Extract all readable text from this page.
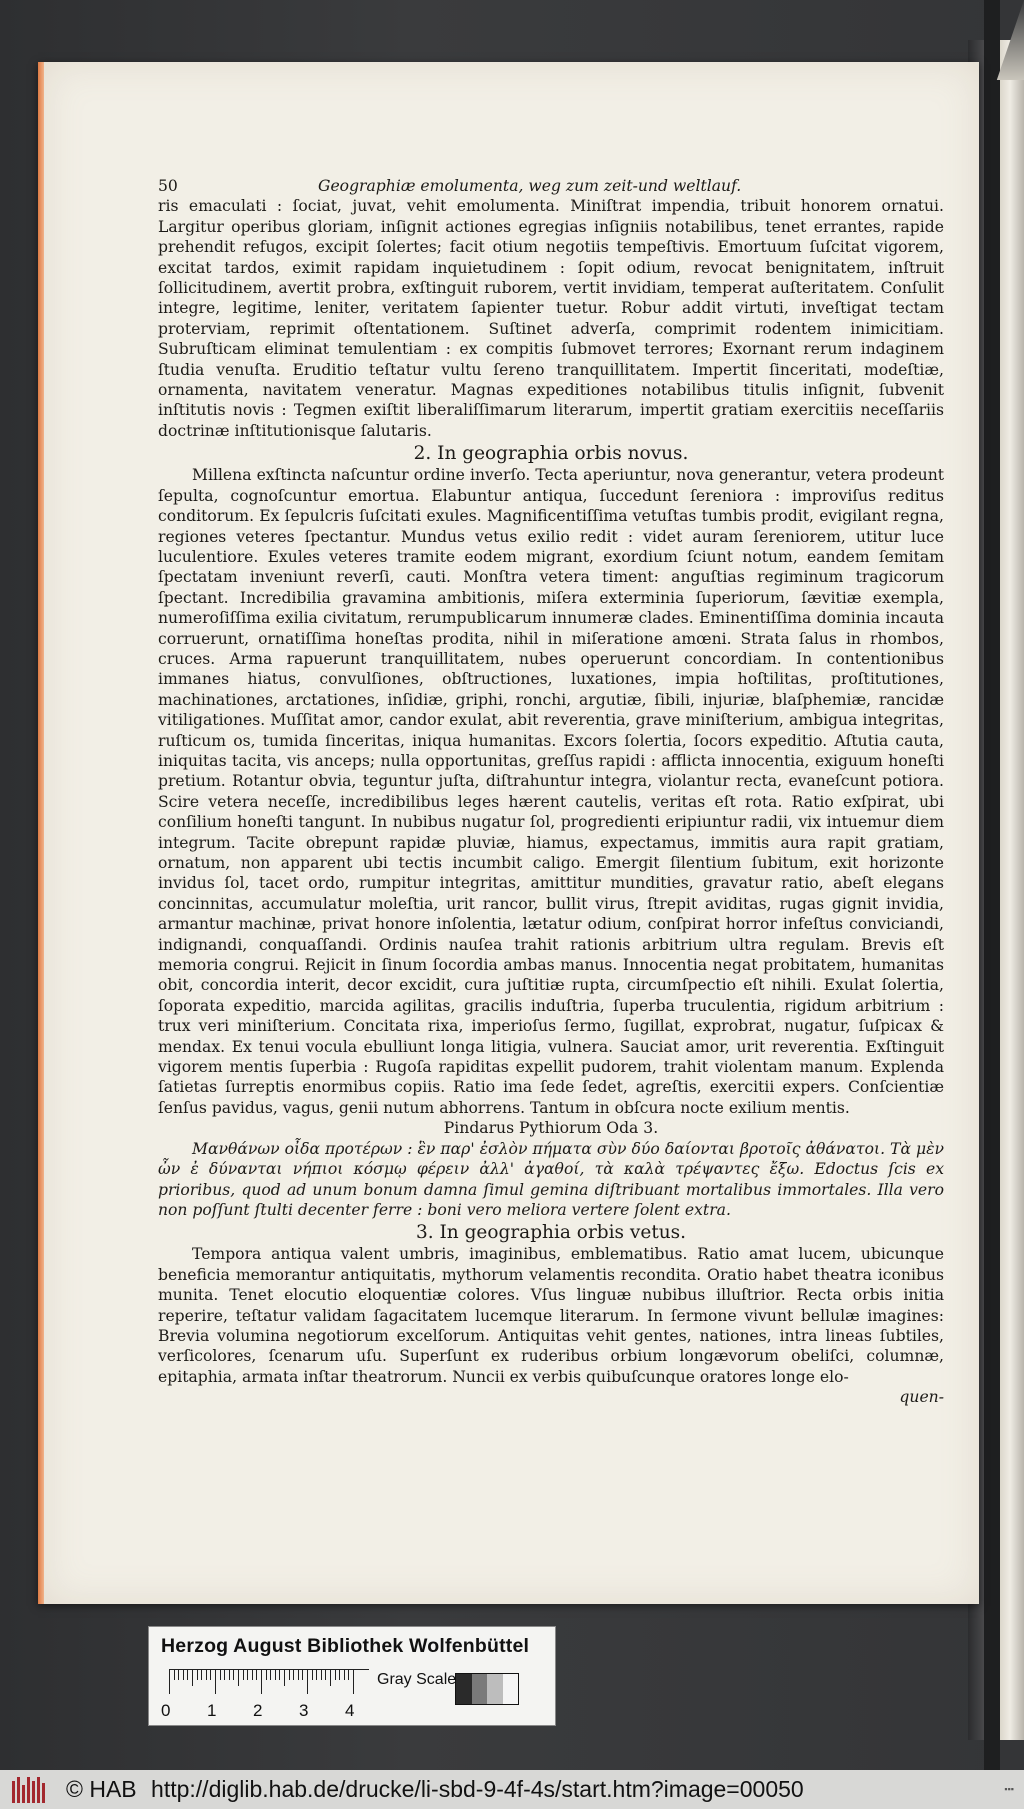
50	Geographiæ emolumenta, weg zum zeit-und weltlauf.

ris emaculati : ſociat, juvat, vehit emolumenta. Miniſtrat impendia, tribuit honorem ornatui. Largitur operibus gloriam, inſignit actiones egregias inſigniis notabilibus, tenet errantes, rapide prehendit refugos, excipit ſolertes; facit otium negotiis tempeſtivis. Emortuum ſuſcitat vigorem, excitat tardos, eximit rapidam inquietudinem : ſopit odium, revocat benignitatem, inſtruit ſollicitudinem, avertit probra, exſtinguit ruborem, vertit invidiam, temperat auſteritatem. Conſulit integre, legitime, leniter, veritatem ſapienter tuetur. Robur addit virtuti, inveſtigat tectam proterviam, reprimit oſtentationem. Suſtinet adverſa, comprimit rodentem inimicitiam. Subruſticam eliminat temulentiam : ex compitis ſubmovet terrores; Exornant rerum indaginem ſtudia venuſta. Eruditio teſtatur vultu ſereno tranquillitatem. Impertit ſinceritati, modeſtiæ, ornamenta, navitatem veneratur. Magnas expeditiones notabilibus titulis inſignit, ſubvenit inſtitutis novis : Tegmen exiſtit liberaliſſimarum literarum, impertit gratiam exercitiis neceſſariis doctrinæ inſtitutionisque ſalutaris.

2. In geographia orbis novus.

Millena exſtincta naſcuntur ordine inverſo. Tecta aperiuntur, nova generantur, vetera prodeunt ſepulta, cognoſcuntur emortua. Elabuntur antiqua, ſuccedunt ſereniora : improviſus reditus conditorum. Ex ſepulcris ſuſcitati exules. Magnificentiſſima vetuſtas tumbis prodit, evigilant regna, regiones veteres ſpectantur. Mundus vetus exilio redit : videt auram ſereniorem, utitur luce luculentiore. Exules veteres tramite eodem migrant, exordium ſciunt notum, eandem ſemitam ſpectatam inveniunt reverſi, cauti. Monſtra vetera timent: anguſtias regiminum tragicorum ſpectant. Incredibilia gravamina ambitionis, miſera exterminia ſuperiorum, ſævitiæ exempla, numeroſiſſima exilia civitatum, rerumpublicarum innumeræ clades. Eminentiſſima dominia incauta corruerunt, ornatiſſima honeſtas prodita, nihil in miſeratione amœni. Strata ſalus in rhombos, cruces. Arma rapuerunt tranquillitatem, nubes operuerunt concordiam. In contentionibus immanes hiatus, convulſiones, obſtructiones, luxationes, impia hoſtilitas, proſtitutiones, machinationes, arctationes, inſidiæ, griphi, ronchi, argutiæ, ſibili, injuriæ, blaſphemiæ, rancidæ vitiligationes. Muſſitat amor, candor exulat, abit reverentia, grave miniſterium, ambigua integritas, ruſticum os, tumida ſinceritas, iniqua humanitas. Excors ſolertia, ſocors expeditio. Aſtutia cauta, iniquitas tacita, vis anceps; nulla opportunitas, greſſus rapidi : afflicta innocentia, exiguum honeſti pretium. Rotantur obvia, teguntur juſta, diſtrahuntur integra, violantur recta, evaneſcunt potiora. Scire vetera neceſſe, incredibilibus leges hærent cautelis, veritas eſt rota. Ratio exſpirat, ubi conſilium honeſti tangunt. In nubibus nugatur ſol, progredienti eripiuntur radii, vix intuemur diem integrum. Tacite obrepunt rapidæ pluviæ, hiamus, expectamus, immitis aura rapit gratiam, ornatum, non apparent ubi tectis incumbit caligo. Emergit ſilentium ſubitum, exit horizonte invidus ſol, tacet ordo, rumpitur integritas, amittitur mundities, gravatur ratio, abeſt elegans concinnitas, accumulatur moleſtia, urit rancor, bullit virus, ſtrepit aviditas, rugas gignit invidia, armantur machinæ, privat honore inſolentia, lætatur odium, conſpirat horror infeſtus conviciandi, indignandi, conquaſſandi. Ordinis nauſea trahit rationis arbitrium ultra regulam. Brevis eſt memoria congrui. Rejicit in ſinum ſocordia ambas manus. Innocentia negat probitatem, humanitas obit, concordia interit, decor excidit, cura juſtitiæ rupta, circumſpectio eſt nihili. Exulat ſolertia, ſoporata expeditio, marcida agilitas, gracilis induſtria, ſuperba truculentia, rigidum arbitrium : trux veri miniſterium. Concitata rixa, imperioſus ſermo, ſugillat, exprobrat, nugatur, ſuſpicax & mendax. Ex tenui vocula ebulliunt longa litigia, vulnera. Sauciat amor, urit reverentia. Exſtinguit vigorem mentis ſuperbia : Rugoſa rapiditas expellit pudorem, trahit violentam manum. Explenda ſatietas ſurreptis enormibus copiis. Ratio ima ſede ſedet, agreſtis, exercitii expers. Conſcientiæ ſenſus pavidus, vagus, genii nutum abhorrens. Tantum in obſcura nocte exilium mentis.

Pindarus Pythiorum Oda 3.

Μανθάνων οἶδα προτέρων : ἓν παρ' ἐσλὸν πήματα σὺν δύο δαίονται βροτοῖς ἀθάνατοι. Τὰ μὲν ὦν ἐ δύνανται νήπιοι κόσμῳ φέρειν ἀλλ' ἀγαθοί, τὰ καλὰ τρέψαντες ἔξω. Edoctus ſcis ex prioribus, quod ad unum bonum damna ſimul gemina diſtribuant mortalibus immortales. Illa vero non poſſunt ſtulti decenter ferre : boni vero meliora vertere ſolent extra.

3. In geographia orbis vetus.

Tempora antiqua valent umbris, imaginibus, emblematibus. Ratio amat lucem, ubicunque beneficia memorantur antiquitatis, mythorum velamentis recondita. Oratio habet theatra iconibus munita. Tenet elocutio eloquentiæ colores. Vſus linguæ nubibus illuſtrior. Recta orbis initia reperire, teſtatur validam ſagacitatem lucemque literarum. In ſermone vivunt bellulæ imagines: Brevia volumina negotiorum excelſorum. Antiquitas vehit gentes, nationes, intra lineas ſubtiles, verſicolores, ſcenarum uſu. Superſunt ex ruderibus orbium longævorum obeliſci, columnæ, epitaphia, armata inſtar theatrorum. Nuncii ex verbis quibuſcunque oratores longe elo-

quen-
Herzog August Bibliothek Wolfenbüttel
0 1 2 3 4
Gray Scale
© HAB http://diglib.hab.de/drucke/li-sbd-9-4f-4s/start.htm?image=00050	▪▪▪
